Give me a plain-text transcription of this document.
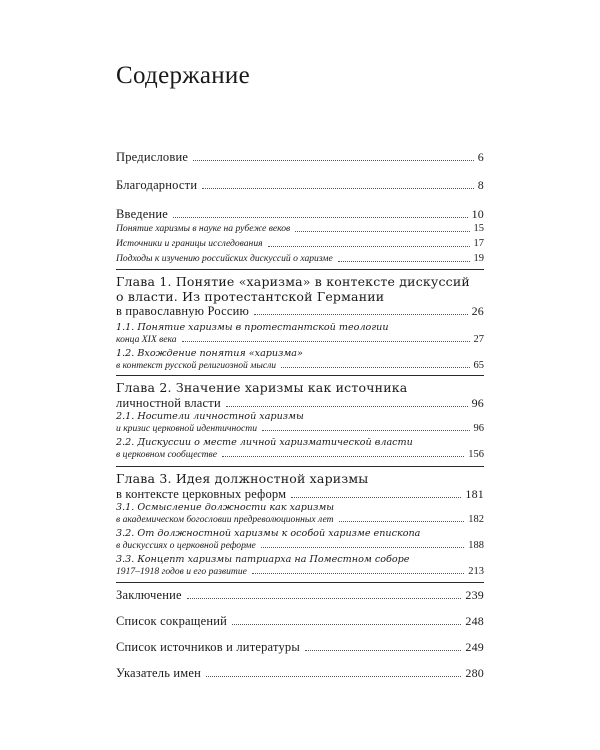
Содержание
Предисловие	6
Благодарности	8
Введение	10
Понятие харизмы в науке на рубеже веков	15
Источники и границы исследования	17
Подходы к изучению российских дискуссий о харизме	19
Глава 1. Понятие «харизма» в контексте дискуссий
о власти. Из протестантской Германии
в православную Россию	26
1.1. Понятие харизмы в протестантской теологии
конца XIX века	27
1.2. Вхождение понятия «харизма»
в контекст русской религиозной мысли	65
Глава 2. Значение харизмы как источника
личностной власти	96
2.1. Носители личностной харизмы
и кризис церковной идентичности	96
2.2. Дискуссии о месте личной харизматической власти
в церковном сообществе	156
Глава 3. Идея должностной харизмы
в контексте церковных реформ	181
3.1. Осмысление должности как харизмы
в академическом богословии предреволюционных лет	182
3.2. От должностной харизмы к особой харизме епископа
в дискуссиях о церковной реформе	188
3.3. Концепт харизмы патриарха на Поместном соборе
1917–1918 годов и его развитие	213
Заключение	239
Список сокращений	248
Список источников и литературы	249
Указатель имен	280
